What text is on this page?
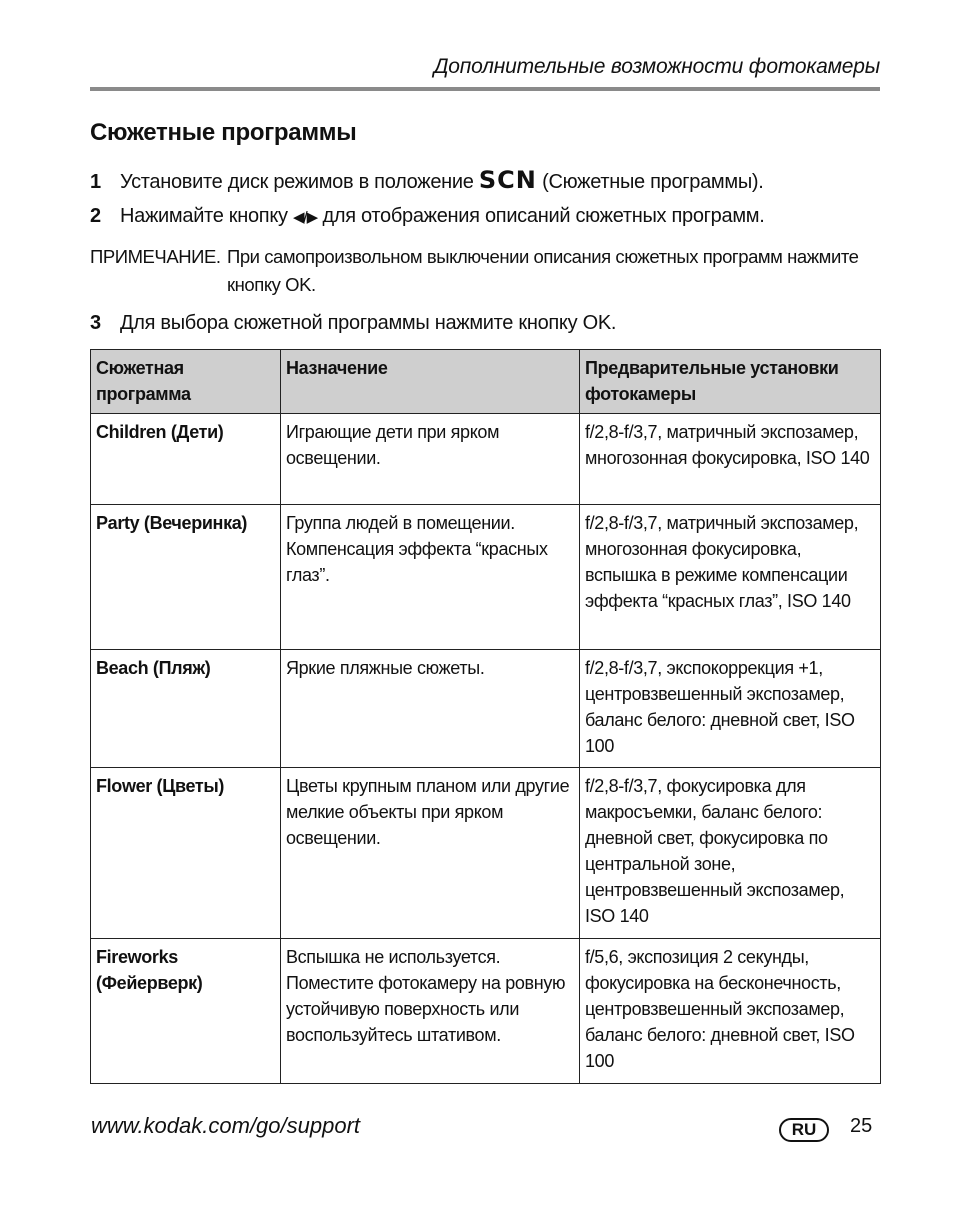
Дополнительные возможности фотокамеры
Сюжетные программы
1 Установите диск режимов в положение SCN (Сюжетные программы).
2 Нажимайте кнопку ◀/▶ для отображения описаний сюжетных программ.
ПРИМЕЧАНИЕ. При самопроизвольном выключении описания сюжетных программ нажмите
кнопку OK.
3 Для выбора сюжетной программы нажмите кнопку OK.
Сюжетная программа	Назначение	Предварительные установки фотокамеры
Children (Дети)	Играющие дети при ярком освещении.	f/2,8-f/3,7, матричный экспозамер, многозонная фокусировка, ISO 140
Party (Вечеринка)	Группа людей в помещении. Компенсация эффекта “красных глаз”.	f/2,8-f/3,7, матричный экспозамер, многозонная фокусировка, вспышка в режиме компенсации эффекта “красных глаз”, ISO 140
Beach (Пляж)	Яркие пляжные сюжеты.	f/2,8-f/3,7, экспокоррекция +1, центровзвешенный экспозамер, баланс белого: дневной свет, ISO 100
Flower (Цветы)	Цветы крупным планом или другие мелкие объекты при ярком освещении.	f/2,8-f/3,7, фокусировка для макросъемки, баланс белого: дневной свет, фокусировка по центральной зоне, центровзвешенный экспозамер, ISO 140
Fireworks (Фейерверк)	Вспышка не используется. Поместите фотокамеру на ровную устойчивую поверхность или воспользуйтесь штативом.	f/5,6, экспозиция 2 секунды, фокусировка на бесконечность, центровзвешенный экспозамер, баланс белого: дневной свет, ISO 100
www.kodak.com/go/support	RU	25
